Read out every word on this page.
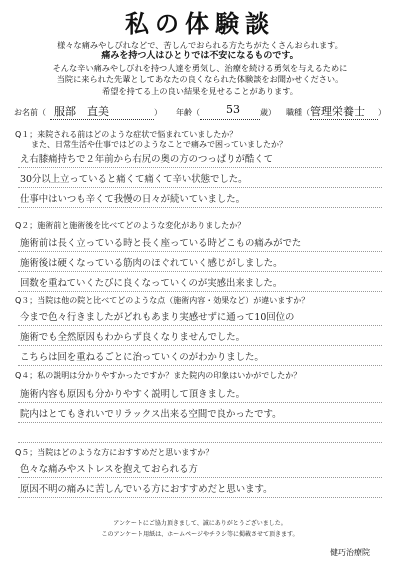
私の体験談
様々な痛みやしびれなどで、苦しんでおられる方たちがたくさんおられます。
痛みを持つ人はひとりでは不安になるものです。
そんな辛い痛みやしびれを持つ人達を勇気し、治療を続ける勇気を与えるために
当院に来られた先輩としてあなたの良くなられた体験談をお聞かせください。
希望を持てる上の良い結果を見せることがあります。
お名前（ 服部　直美	） 年齢（ 53	歳） 職種（ 管理栄養士 ）
Q１；来院される前はどのような症状で悩まれていましたか？
また、日常生活や仕事ではどのようなことで痛みで困っていましたか？
え右膝痛持ちで２年前から右尻の奥の方のつっぱりが酷くて
30分以上立っていると痛くて痛くて辛い状態でした。
仕事中はいつも辛くて我慢の日々が続いていました。
Q２；施術前と施術後を比べてどのような変化がありましたか？
施術前は長く立っている時と長く座っている時どこもの痛みがでた
施術後は硬くなっている筋肉のほぐれていく感じがしました。
回数を重ねていくたびに良くなっていくのが実感出来ました。
Q３；当院は他の院と比べてどのような点（施術内容・効果など）が違いますか？
今まで色々行きましたがどれもあまり実感せずに通って10回位の
施術でも全然原因もわからず良くなりませんでした。
こちらは回を重ねるごとに治っていくのがわかりました。
Q４；私の説明は分かりやすかったですか？また院内の印象はいかがでしたか？
施術内容も原因も分かりやすく説明して頂きました。
院内はとてもきれいでリラックス出来る空間で良かったです。
Q５；当院はどのような方におすすめだと思いますか？
色々な痛みやストレスを抱えておられる方
原因不明の痛みに苦しんでいる方におすすめだと思います。
アンケートにご協力頂きまして、誠にありがとうございました。
このアンケート用紙は、ホームページやチラシ等に掲載させて頂きます。
健巧治療院
